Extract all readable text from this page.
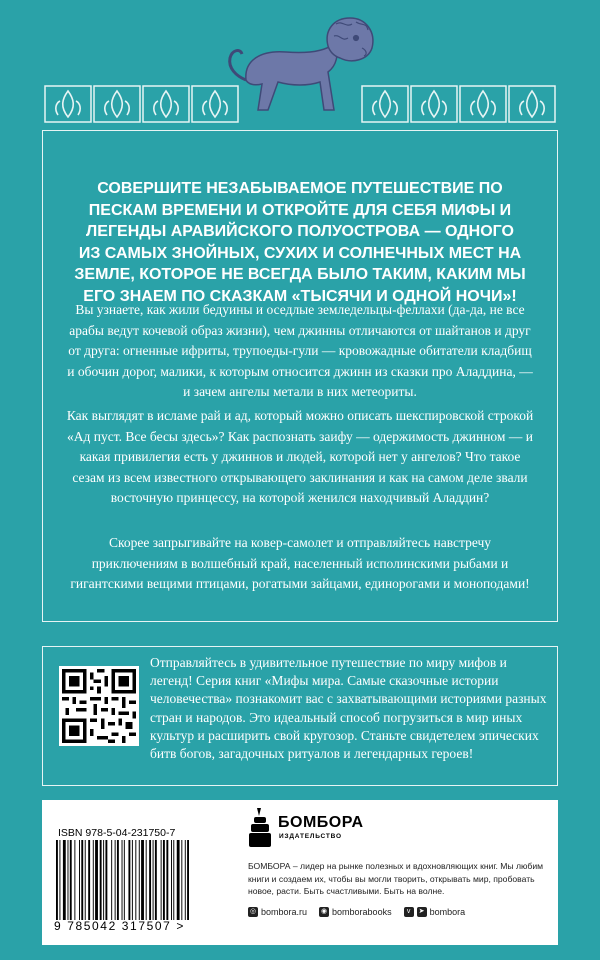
СОВЕРШИТЕ НЕЗАБЫВАЕМОЕ ПУТЕШЕСТВИЕ ПО ПЕСКАМ ВРЕМЕНИ И ОТКРОЙТЕ ДЛЯ СЕБЯ МИФЫ И ЛЕГЕНДЫ АРАВИЙСКОГО ПОЛУОСТРОВА — ОДНОГО ИЗ САМЫХ ЗНОЙНЫХ, СУХИХ И СОЛНЕЧНЫХ МЕСТ НА ЗЕМЛЕ, КОТОРОЕ НЕ ВСЕГДА БЫЛО ТАКИМ, КАКИМ МЫ ЕГО ЗНАЕМ ПО СКАЗКАМ «ТЫСЯЧИ И ОДНОЙ НОЧИ»!

Вы узнаете, как жили бедуины и оседлые земледельцы-феллахи (да-да, не все арабы ведут кочевой образ жизни), чем джинны отличаются от шайтанов и друг от друга: огненные ифриты, трупоеды-гули — кровожадные обитатели кладбищ и обочин дорог, малики, к которым относится джинн из сказки про Аладдина, — и зачем ангелы метали в них метеориты.

Как выглядят в исламе рай и ад, который можно описать шекспировской строкой «Ад пуст. Все бесы здесь»? Как распознать заифу — одержимость джинном — и какая привилегия есть у джиннов и людей, которой нет у ангелов? Что такое сезам из всем известного открывающего заклинания и как на самом деле звали восточную принцессу, на которой женился находчивый Аладдин?

Скорее запрыгивайте на ковер-самолет и отправляйтесь навстречу приключениям в волшебный край, населенный исполинскими рыбами и гигантскими вещими птицами, рогатыми зайцами, единорогами и моноподами!

Отправляйтесь в удивительное путешествие по миру мифов и легенд! Серия книг «Мифы мира. Самые сказочные истории человечества» познакомит вас с захватывающими историями разных стран и народов. Это идеальный способ погрузиться в мир иных культур и расширить свой кругозор. Станьте свидетелем эпических битв богов, загадочных ритуалов и легендарных героев!

ISBN 978-5-04-231750-7
9 785042 317507 >
БОМБОРА
ИЗДАТЕЛЬСТВО

БОМБОРА – лидер на рынке полезных и вдохновляющих книг. Мы любим книги и создаем их, чтобы вы могли творить, открывать мир, пробовать новое, расти. Быть счастливыми. Быть на волне.

◎ bombora.ru ◉ bomborabooks	v	➤ bombora
